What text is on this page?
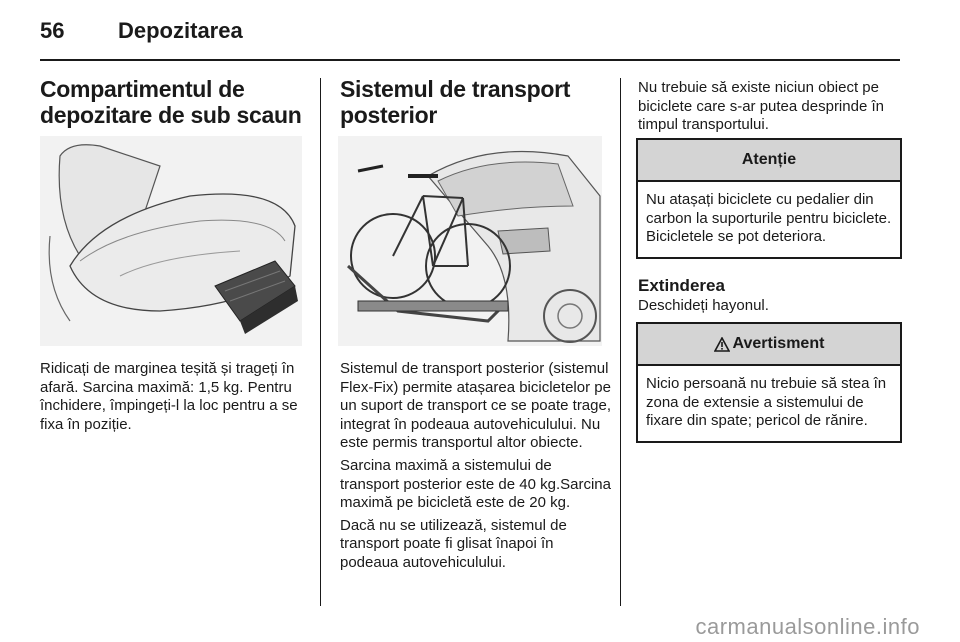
56 Depozitarea
Compartimentul de depozitare de sub scaun
Ridicați de marginea teșită și trageți în afară. Sarcina maximă: 1,5 kg. Pentru închidere, împingeți-l la loc pentru a se fixa în poziție.
Sistemul de transport posterior

Sistemul de transport posterior (sistemul Flex-Fix) permite atașarea bicicletelor pe un suport de transport ce se poate trage, integrat în podeaua autovehiculului. Nu este permis transportul altor obiecte.

Sarcina maximă a sistemului de transport posterior este de 40 kg.Sarcina maximă pe bicicletă este de 20 kg.

Dacă nu se utilizează, sistemul de transport poate fi glisat înapoi în podeaua autovehiculului.

Nu trebuie să existe niciun obiect pe biciclete care s-ar putea desprinde în timpul transportului.
Atenție
Nu atașați biciclete cu pedalier din carbon la suporturile pentru biciclete. Bicicletele se pot deteriora.
Extinderea
Deschideți hayonul.
Avertisment
Nicio persoană nu trebuie să stea în zona de extensie a sistemului de fixare din spate; pericol de rănire.
carmanualsonline.info
